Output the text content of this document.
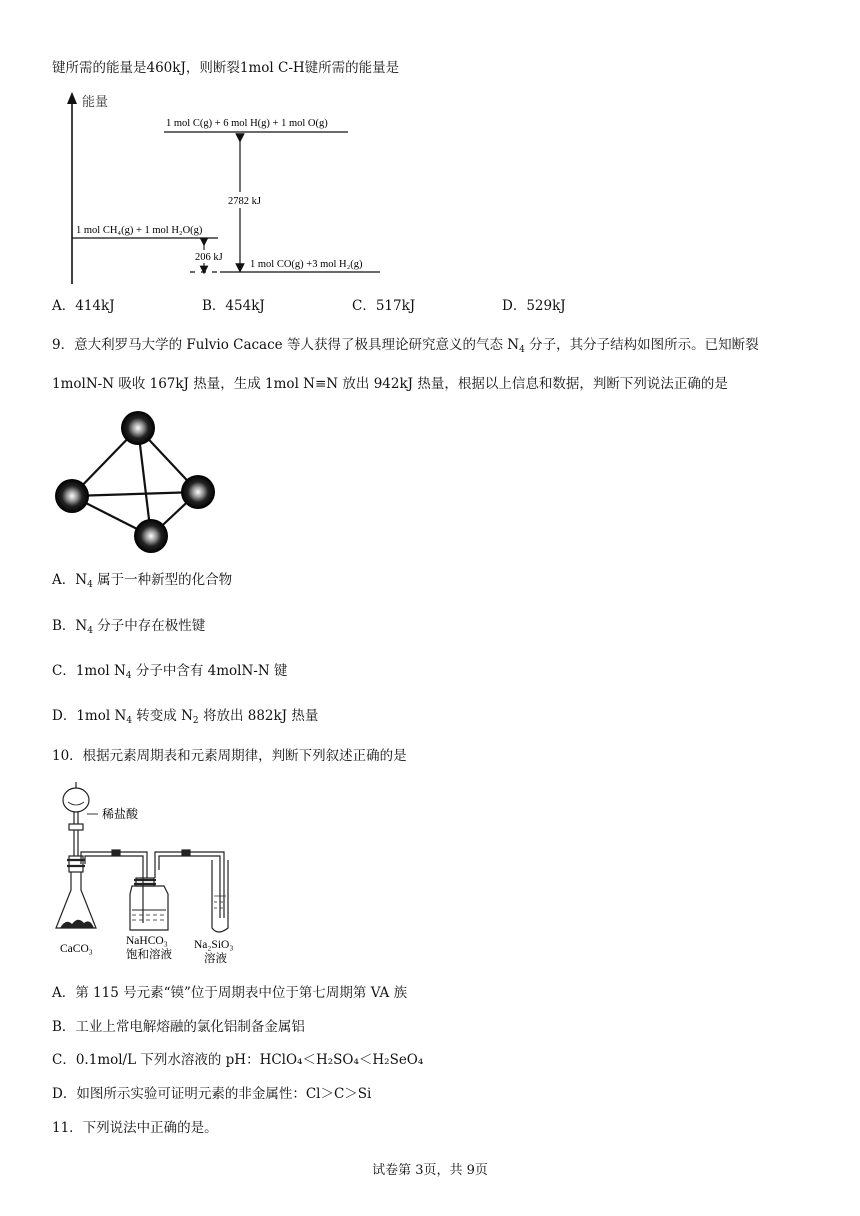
键所需的能量是460kJ，则断裂1mol C-H键所需的能量是
能量
1 mol C(g) + 6 mol H(g) + 1 mol O(g)
1 mol CH₄(g) + 1 mol H₂O(g)
1 mol CO(g) +3 mol H₂(g)
2782 kJ
206 kJ
A．414kJ	B．454kJ	C．517kJ	D．529kJ
9．意大利罗马大学的 Fulvio Cacace 等人获得了极具理论研究意义的气态 $N_4$ 分子，其分子结构如图所示。已知断裂
1molN-N 吸收 167kJ 热量，生成 1mol N≡N 放出 942kJ 热量，根据以上信息和数据，判断下列说法正确的是
A．$N_4$ 属于一种新型的化合物
B．$N_4$ 分子中存在极性键
C．1mol $N_4$ 分子中含有 4molN-N 键
D．1mol $N_4$ 转变成 $N_2$ 将放出 882kJ 热量
10．根据元素周期表和元素周期律，判断下列叙述正确的是
稀盐酸
CaCO₃
NaHCO₃
饱和溶液
Na₂SiO₃
溶液
A．第 115 号元素“镆”位于周期表中位于第七周期第 VA 族
B．工业上常电解熔融的氯化铝制备金属铝
C．0.1mol/L 下列水溶液的 pH：HClO₄＜H₂SO₄＜H₂SeO₄
D．如图所示实验可证明元素的非金属性：Cl＞C＞Si
11．下列说法中正确的是。
试卷第 3页，共 9页
